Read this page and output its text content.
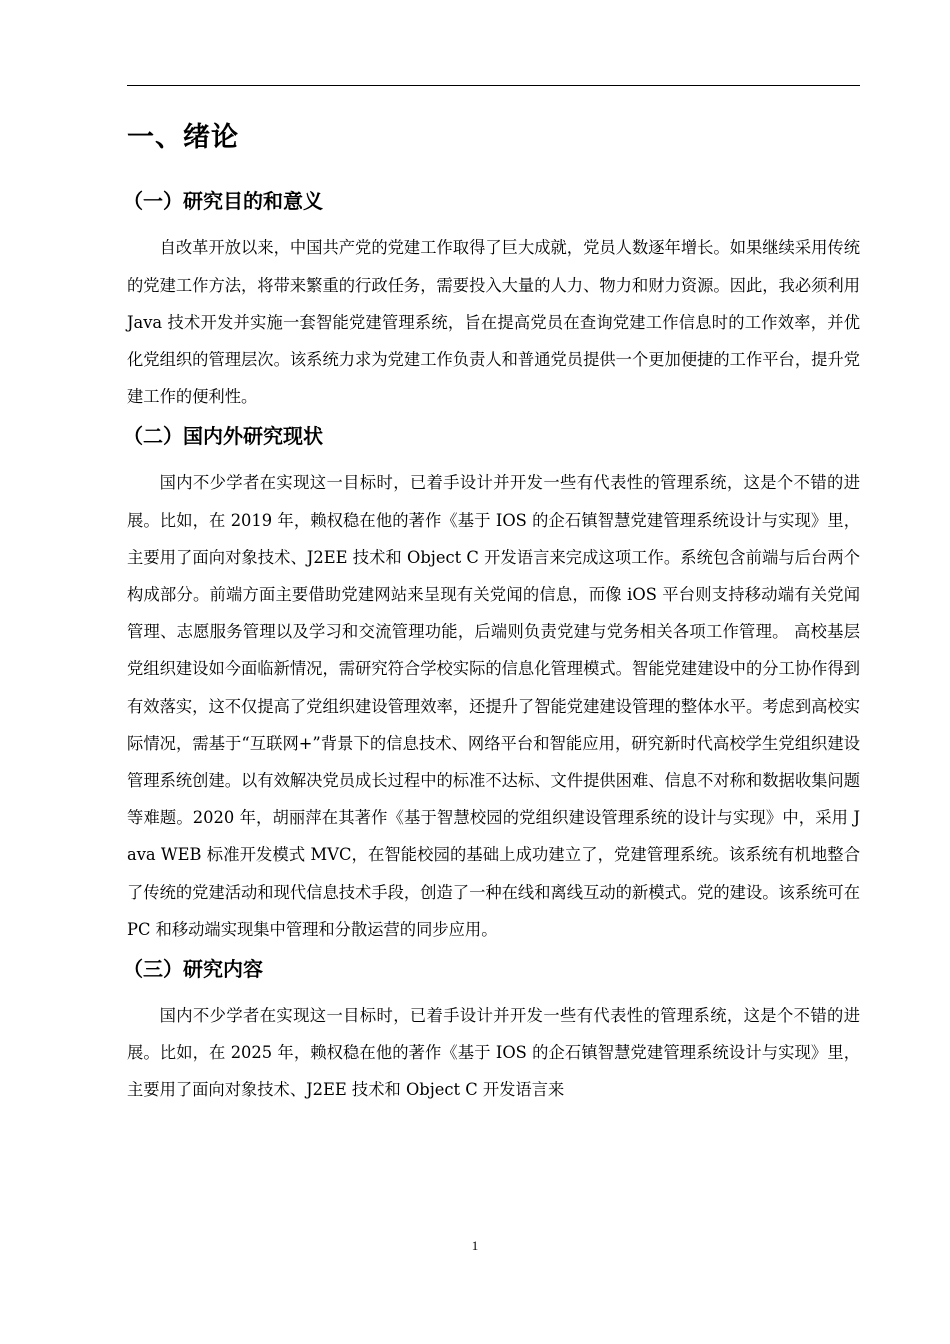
一、绪论
（一）研究目的和意义

自改革开放以来，中国共产党的党建工作取得了巨大成就，党员人数逐年增长。如果继续采用传统的党建工作方法，将带来繁重的行政任务，需要投入大量的人力、物力和财力资源。因此，我必须利用 Java 技术开发并实施一套智能党建管理系统，旨在提高党员在查询党建工作信息时的工作效率，并优化党组织的管理层次。该系统力求为党建工作负责人和普通党员提供一个更加便捷的工作平台，提升党建工作的便利性。

（二）国内外研究现状

国内不少学者在实现这一目标时，已着手设计并开发一些有代表性的管理系统，这是个不错的进展。比如，在 2019 年，赖权稳在他的著作《基于 IOS 的企石镇智慧党建管理系统设计与实现》里，主要用了面向对象技术、J2EE 技术和 Object C 开发语言来完成这项工作。系统包含前端与后台两个构成部分。前端方面主要借助党建网站来呈现有关党闻的信息，而像 iOS 平台则支持移动端有关党闻管理、志愿服务管理以及学习和交流管理功能，后端则负责党建与党务相关各项工作管理。 高校基层党组织建设如今面临新情况，需研究符合学校实际的信息化管理模式。智能党建建设中的分工协作得到有效落实，这不仅提高了党组织建设管理效率，还提升了智能党建建设管理的整体水平。考虑到高校实际情况，需基于“互联网+”背景下的信息技术、网络平台和智能应用，研究新时代高校学生党组织建设管理系统创建。以有效解决党员成长过程中的标准不达标、文件提供困难、信息不对称和数据收集问题等难题。2020 年，胡丽萍在其著作《基于智慧校园的党组织建设管理系统的设计与实现》中，采用 Java WEB 标准开发模式 MVC，在智能校园的基础上成功建立了，党建管理系统。该系统有机地整合了传统的党建活动和现代信息技术手段，创造了一种在线和离线互动的新模式。党的建设。该系统可在 PC 和移动端实现集中管理和分散运营的同步应用。

（三）研究内容

国内不少学者在实现这一目标时，已着手设计并开发一些有代表性的管理系统，这是个不错的进展。比如，在 2025 年，赖权稳在他的著作《基于 IOS 的企石镇智慧党建管理系统设计与实现》里，主要用了面向对象技术、J2EE 技术和 Object C 开发语言来

1
